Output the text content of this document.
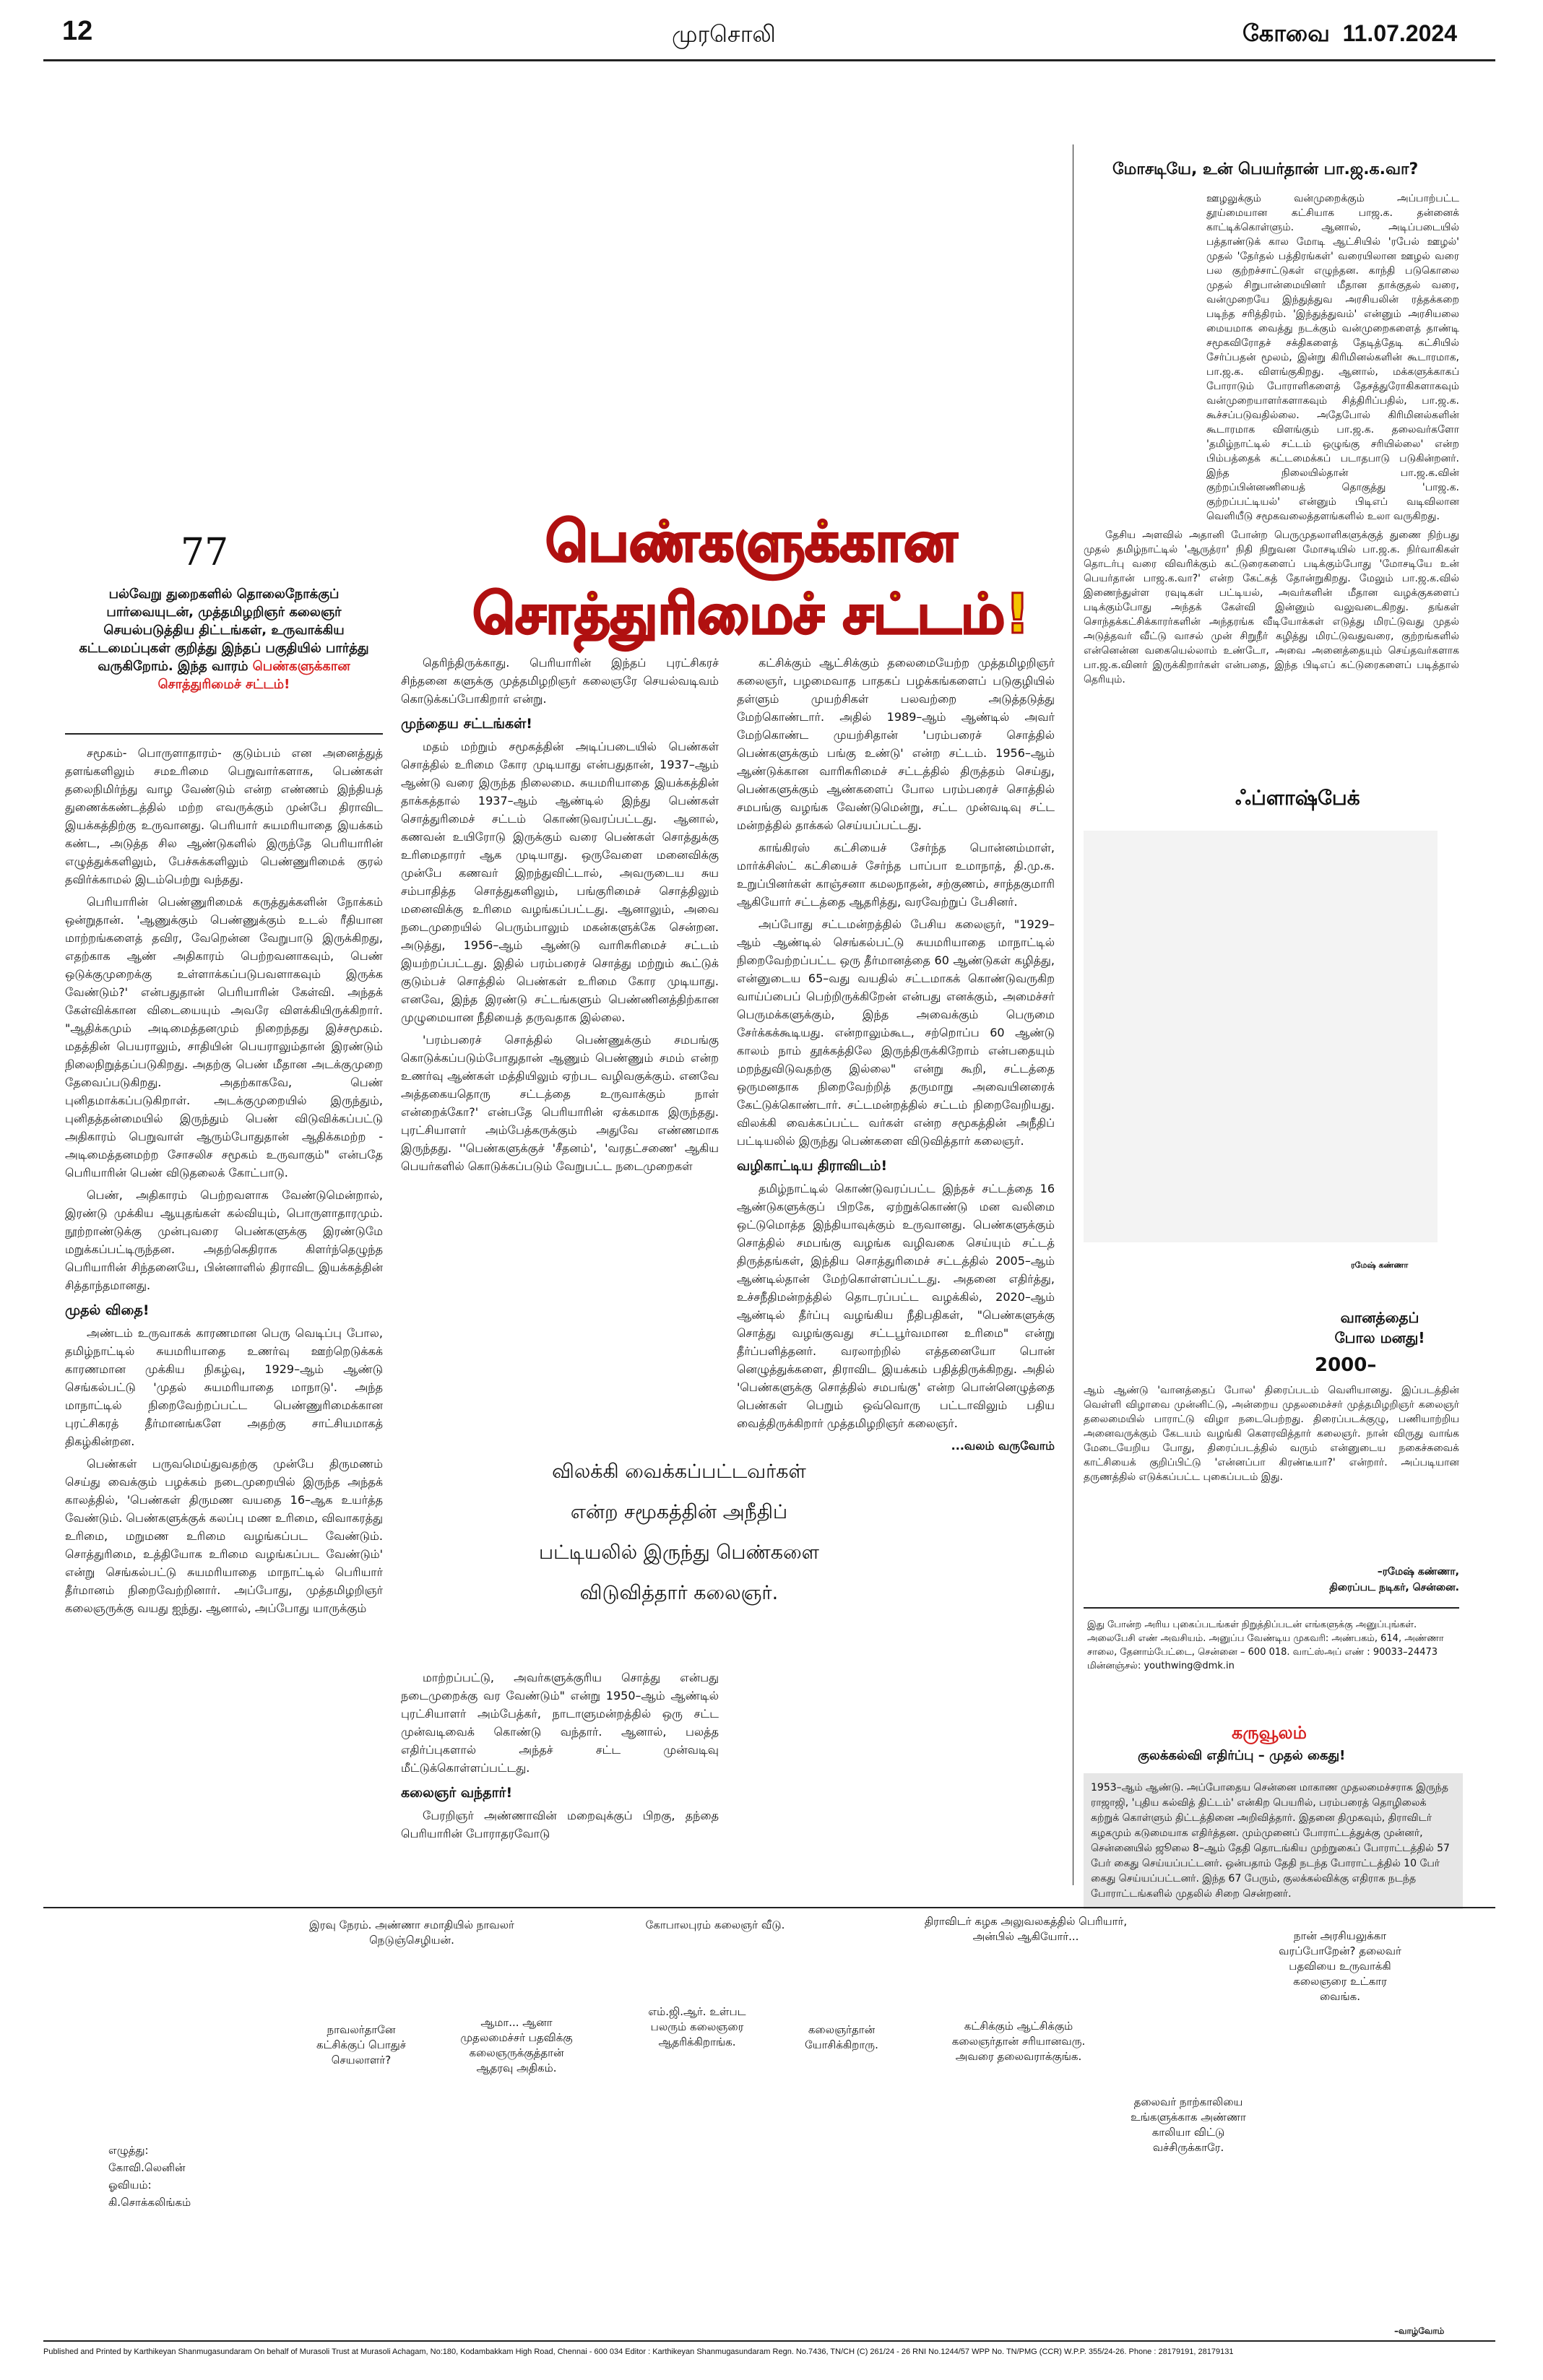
12	முரசொலி	கோவை  11.07.2024
பெண்களுக்கான
சொத்துரிமைச் சட்டம்!
77
பல்வேறு துறைகளில் தொலைநோக்குப் பார்வையுடன், முத்தமிழறிஞர் கலைஞர் செயல்படுத்திய திட்டங்கள், உருவாக்கிய கட்டமைப்புகள் குறித்து இந்தப் பகுதியில் பார்த்து வருகிறோம். இந்த வாரம் பெண்களுக்கான சொத்துரிமைச் சட்டம்!

சமூகம்- பொருளாதாரம்- குடும்பம் என அனைத்துத் தளங்களிலும் சமஉரிமை பெறுவார்களாக, பெண்கள் தலைநிமிர்ந்து வாழ வேண்டும் என்ற எண்ணம் இந்தியத் துணைக்கண்டத்தில் மற்ற எவருக்கும் முன்பே திராவிட இயக்கத்திற்கு உருவானது. பெரியார் சுயமரியாதை இயக்கம் கண்ட, அடுத்த சில ஆண்டுகளில் இருந்தே பெரியாரின் எழுத்துக்களிலும், பேச்சுக்களிலும் பெண்ணுரிமைக் குரல் தவிர்க்காமல் இடம்பெற்று வந்தது.

பெரியாரின் பெண்ணுரிமைக் கருத்துக்களின் நோக்கம் ஒன்றுதான். 'ஆணுக்கும் பெண்ணுக்கும் உடல் ரீதியான மாற்றங்களைத் தவிர, வேறென்ன வேறுபாடு இருக்கிறது, எதற்காக ஆண் அதிகாரம் பெற்றவனாகவும், பெண் ஒடுக்குமுறைக்கு உள்ளாக்கப்படுபவளாகவும் இருக்க வேண்டும்?' என்பதுதான் பெரியாரின் கேள்வி. அந்தக் கேள்விக்கான விடையையும் அவரே விளக்கியிருக்கிறார். "ஆதிக்கமும் அடிமைத்தனமும் நிறைந்தது இச்சமூகம். மதத்தின் பெயராலும், சாதியின் பெயராலும்தான் இரண்டும் நிலைநிறுத்தப்படுகிறது. அதற்கு பெண் மீதான அடக்குமுறை தேவைப்படுகிறது. அதற்காகவே, பெண் புனிதமாக்கப்படுகிறாள். அடக்குமுறையில் இருந்தும், புனிதத்தன்மையில் இருந்தும் பெண் விடுவிக்கப்பட்டு அதிகாரம் பெறுவாள் ஆரும்போதுதான் ஆதிக்கமற்ற - அடிமைத்தனமற்ற சோசலிச சமூகம் உருவாகும்" என்பதே பெரியாரின் பெண் விடுதலைக் கோட்பாடு.

பெண், அதிகாரம் பெற்றவளாக வேண்டுமென்றால், இரண்டு முக்கிய ஆயுதங்கள் கல்வியும், பொருளாதாரமும். நூற்றாண்டுக்கு முன்புவரை பெண்களுக்கு இரண்டுமே மறுக்கப்பட்டிருந்தன. அதற்கெதிராக கிளர்ந்தெழுந்த பெரியாரின் சிந்தனையே, பின்னாளில் திராவிட இயக்கத்தின் சித்தாந்தமானது.

முதல் விதை!

அண்டம் உருவாகக் காரணமான பெரு வெடிப்பு போல, தமிழ்நாட்டில் சுயமரியாதை உணர்வு ஊற்றெடுக்கக் காரணமான முக்கிய நிகழ்வு, 1929–ஆம் ஆண்டு செங்கல்பட்டு 'முதல் சுயமரியாதை மாநாடு'. அந்த மாநாட்டில் நிறைவேற்றப்பட்ட பெண்ணுரிமைக்கான புரட்சிகரத் தீர்மானங்களே அதற்கு சாட்சியமாகத் திகழ்கின்றன.

பெண்கள் பருவமெய்துவதற்கு முன்பே திருமணம் செய்து வைக்கும் பழக்கம் நடைமுறையில் இருந்த அந்தக் காலத்தில், 'பெண்கள் திருமண வயதை 16–ஆக உயர்த்த வேண்டும். பெண்களுக்குக் கலப்பு மண உரிமை, விவாகரத்து உரிமை, மறுமண உரிமை வழங்கப்பட வேண்டும். சொத்துரிமை, உத்தியோக உரிமை வழங்கப்பட வேண்டும்' என்று செங்கல்பட்டு சுயமரியாதை மாநாட்டில் பெரியார் தீர்மானம் நிறைவேற்றினார். அப்போது, முத்தமிழறிஞர் கலைஞருக்கு வயது ஐந்து. ஆனால், அப்போது யாருக்கும்

தெரிந்திருக்காது. பெரியாரின் இந்தப் புரட்சிகரச் சிந்தனை களுக்கு முத்தமிழறிஞர் கலைஞரே செயல்வடிவம் கொடுக்கப்போகிறார் என்று.

முந்தைய சட்டங்கள்!

மதம் மற்றும் சமூகத்தின் அடிப்படையில் பெண்கள் சொத்தில் உரிமை கோர முடியாது என்பதுதான், 1937–ஆம் ஆண்டு வரை இருந்த நிலைமை. சுயமரியாதை இயக்கத்தின் தாக்கத்தால் 1937–ஆம் ஆண்டில் இந்து பெண்கள் சொத்துரிமைச் சட்டம் கொண்டுவரப்பட்டது. ஆனால், கணவன் உயிரோடு இருக்கும் வரை பெண்கள் சொத்துக்கு உரிமைதாரர் ஆக முடியாது. ஒருவேளை மனைவிக்கு முன்பே கணவர் இறந்துவிட்டால், அவருடைய சுய சம்பாதித்த சொத்துகளிலும், பங்குரிமைச் சொத்திலும் மனைவிக்கு உரிமை வழங்கப்பட்டது. ஆனாலும், அவை நடைமுறையில் பெரும்பாலும் மகன்களுக்கே சென்றன. அடுத்து, 1956–ஆம் ஆண்டு வாரிசுரிமைச் சட்டம் இயற்றப்பட்டது. இதில் பரம்பரைச் சொத்து மற்றும் கூட்டுக் குடும்பச் சொத்தில் பெண்கள் உரிமை கோர முடியாது. எனவே, இந்த இரண்டு சட்டங்களும் பெண்ணினத்திற்கான முழுமையான நீதியைத் தருவதாக இல்லை.

'பரம்பரைச் சொத்தில் பெண்ணுக்கும் சமபங்கு கொடுக்கப்படும்போதுதான் ஆணும் பெண்ணும் சமம் என்ற உணர்வு ஆண்கள் மத்தியிலும் ஏற்பட வழிவகுக்கும். எனவே அத்தகையதொரு சட்டத்தை உருவாக்கும் நாள் என்றைக்கோ?' என்பதே பெரியாரின் ஏக்கமாக இருந்தது. புரட்சியாளர் அம்பேத்கருக்கும் அதுவே எண்ணமாக இருந்தது. ''பெண்களுக்குச் 'சீதனம்', 'வரதட்சணை' ஆகிய பெயர்களில் கொடுக்கப்படும் வேறுபட்ட நடைமுறைகள்

விலக்கி வைக்கப்பட்டவர்கள்
என்ற சமூகத்தின் அநீதிப்
பட்டியலில் இருந்து பெண்களை
விடுவித்தார் கலைஞர்.

மாற்றப்பட்டு, அவர்களுக்குரிய சொத்து என்பது நடைமுறைக்கு வர வேண்டும்" என்று 1950–ஆம் ஆண்டில் புரட்சியாளர் அம்பேத்கர், நாடாளுமன்றத்தில் ஒரு சட்ட முன்வடிவைக் கொண்டு வந்தார். ஆனால், பலத்த எதிர்ப்புகளால் அந்தச் சட்ட முன்வடிவு மீட்டுக்கொள்ளப்பட்டது.

கலைஞர் வந்தார்!

பேரறிஞர் அண்ணாவின் மறைவுக்குப் பிறகு, தந்தை பெரியாரின் போராதரவோடு

கட்சிக்கும் ஆட்சிக்கும் தலைமையேற்ற முத்தமிழறிஞர் கலைஞர், பழமைவாத பாதகப் பழக்கங்களைப் படுகுழியில் தள்ளும் முயற்சிகள் பலவற்றை அடுத்தடுத்து மேற்கொண்டார். அதில் 1989–ஆம் ஆண்டில் அவர் மேற்கொண்ட முயற்சிதான் 'பரம்பரைச் சொத்தில் பெண்களுக்கும் பங்கு உண்டு' என்ற சட்டம். 1956–ஆம் ஆண்டுக்கான வாரிசுரிமைச் சட்டத்தில் திருத்தம் செய்து, பெண்களுக்கும் ஆண்களைப் போல பரம்பரைச் சொத்தில் சமபங்கு வழங்க வேண்டுமென்று, சட்ட முன்வடிவு சட்ட மன்றத்தில் தாக்கல் செய்யப்பட்டது.

காங்கிரஸ் கட்சியைச் சேர்ந்த பொன்னம்மாள், மார்க்சிஸ்ட் கட்சியைச் சேர்ந்த பாப்பா உமாநாத், தி.மு.க. உறுப்பினர்கள் காஞ்சனா கமலநாதன், சற்குணம், சாந்தகுமாரி ஆகியோர் சட்டத்தை ஆதரித்து, வரவேற்றுப் பேசினர்.

அப்போது சட்டமன்றத்தில் பேசிய கலைஞர், "1929–ஆம் ஆண்டில் செங்கல்பட்டு சுயமரியாதை மாநாட்டில் நிறைவேற்றப்பட்ட ஒரு தீர்மானத்தை 60 ஆண்டுகள் கழித்து, என்னுடைய 65–வது வயதில் சட்டமாகக் கொண்டுவருகிற வாய்ப்பைப் பெற்றிருக்கிறேன் என்பது எனக்கும், அமைச்சர் பெருமக்களுக்கும், இந்த அவைக்கும் பெருமை சேர்க்கக்கூடியது. என்றாலும்கூட, சற்றொப்ப 60 ஆண்டு காலம் நாம் தூக்கத்திலே இருந்திருக்கிறோம் என்பதையும் மறந்துவிடுவதற்கு இல்லை" என்று கூறி, சட்டத்தை ஒருமனதாக நிறைவேற்றித் தருமாறு அவையினரைக் கேட்டுக்கொண்டார். சட்டமன்றத்தில் சட்டம் நிறைவேறியது. விலக்கி வைக்கப்பட்ட வர்கள் என்ற சமூகத்தின் அநீதிப் பட்டியலில் இருந்து பெண்களை விடுவித்தார் கலைஞர்.

வழிகாட்டிய திராவிடம்!

தமிழ்நாட்டில் கொண்டுவரப்பட்ட இந்தச் சட்டத்தை 16 ஆண்டுகளுக்குப் பிறகே, ஏற்றுக்கொண்டு மன வலிமை ஒட்டுமொத்த இந்தியாவுக்கும் உருவானது. பெண்களுக்கும் சொத்தில் சமபங்கு வழங்க வழிவகை செய்யும் சட்டத் திருத்தங்கள், இந்திய சொத்துரிமைச் சட்டத்தில் 2005–ஆம் ஆண்டில்தான் மேற்கொள்ளப்பட்டது. அதனை எதிர்த்து, உச்சநீதிமன்றத்தில் தொடரப்பட்ட வழக்கில், 2020–ஆம் ஆண்டில் தீர்ப்பு வழங்கிய நீதிபதிகள், "பெண்களுக்கு சொத்து வழங்குவது சட்டபூர்வமான உரிமை" என்று தீர்ப்பளித்தனர். வரலாற்றில் எத்தனையோ பொன் னெழுத்துக்களை, திராவிட இயக்கம் பதித்திருக்கிறது. அதில் 'பெண்களுக்கு சொத்தில் சமபங்கு' என்ற பொன்னெழுத்தை பெண்கள் பெறும் ஒவ்வொரு பட்டாவிலும் பதிய வைத்திருக்கிறார் முத்தமிழறிஞர் கலைஞர்.

...வலம் வருவோம்
மோசடியே, உன் பெயர்தான் பா.ஜ.க.வா?

ஊழலுக்கும் வன்முறைக்கும் அப்பாற்பட்ட தூய்மையான கட்சியாக பாஜ.க. தன்னைக் காட்டிக்கொள்ளும். ஆனால், அடிப்படையில் பத்தாண்டுக் கால மோடி ஆட்சியில் 'ரபேல் ஊழல்' முதல் 'தேர்தல் பத்திரங்கள்' வரையிலான ஊழல் வரை பல குற்றச்சாட்டுகள் எழுந்தன. காந்தி படுகொலை முதல் சிறுபான்மையினர் மீதான தாக்குதல் வரை, வன்முறையே இந்துத்துவ அரசியலின் ரத்தக்கறை படிந்த சரித்திரம். 'இந்துத்துவம்' என்னும் அரசியலை மையமாக வைத்து நடக்கும் வன்முறைகளைத் தாண்டி சமூகவிரோதச் சக்திகளைத் தேடித்தேடி கட்சியில் சேர்ப்பதன் மூலம், இன்று கிரிமினல்களின் கூடாரமாக, பா.ஜ.க. விளங்குகிறது. ஆனால், மக்களுக்காகப் போராடும் போராளிகளைத் தேசத்துரோகிகளாகவும் வன்முறையாளர்களாகவும் சித்திரிப்பதில், பா.ஜ.க. கூச்சப்படுவதில்லை. அதேபோல் கிரிமினல்களின் கூடாரமாக விளங்கும் பா.ஜ.க. தலைவர்களோ 'தமிழ்நாட்டில் சட்டம் ஒழுங்கு சரியில்லை' என்ற பிம்பத்தைக் கட்டமைக்கப் படாதபாடு படுகின்றனர். இந்த நிலையில்தான் பா.ஜ.க.வின் குற்றப்பின்னணியைத் தொகுத்து 'பாஜ.க. குற்றப்பட்டியல்' என்னும் பிடிஎப் வடிவிலான வெளியீடு சமூகவலைத்தளங்களில் உலா வருகிறது.

தேசிய அளவில் அதானி போன்ற பெருமுதலாளிகளுக்குத் துணை நிற்பது முதல் தமிழ்நாட்டில் 'ஆருத்ரா' நிதி நிறுவன மோசடியில் பா.ஜ.க. நிர்வாகிகள் தொடர்பு வரை விவரிக்கும் கட்டுரைகளைப் படிக்கும்போது 'மோசடியே உன் பெயர்தான் பாஜ.க.வா?' என்ற கேட்கத் தோன்றுகிறது. மேலும் பா.ஜ.க.வில் இணைந்துள்ள ரவுடிகள் பட்டியல், அவர்களின் மீதான வழக்குகளைப் படிக்கும்போது அந்தக் கேள்வி இன்னும் வலுவடைகிறது. தங்கள் சொந்தக்கட்சிக்காரர்களின் அந்தரங்க வீடியோக்கள் எடுத்து மிரட்டுவது முதல் அடுத்தவர் வீட்டு வாசல் முன் சிறுநீர் கழித்து மிரட்டுவதுவரை, குற்றங்களில் என்னென்ன வகையெல்லாம் உண்டோ, அவை அனைத்தையும் செய்தவர்களாக பா.ஜ.க.வினர் இருக்கிறார்கள் என்பதை, இந்த பிடிஎப் கட்டுரைகளைப் படித்தால் தெரியும்.

ஃப்ளாஷ்பேக்
ரமேஷ் கண்ணா
வானத்தைப்
போல மனது!
2000–
ஆம் ஆண்டு 'வானத்தைப் போல' திரைப்படம் வெளியானது. இப்படத்தின் வெள்ளி விழாவை முன்னிட்டு, அன்றைய முதலமைச்சர் முத்தமிழறிஞர் கலைஞர் தலைமையில் பாராட்டு விழா நடைபெற்றது. திரைப்படக்குழு, பணியாற்றிய அனைவருக்கும் கேடயம் வழங்கி கௌரவித்தார் கலைஞர். நான் விருது வாங்க மேடையேறிய போது, திரைப்படத்தில் வரும் என்னுடைய நகைச்சுவைக் காட்சியைக் குறிப்பிட்டு 'என்னப்பா கிரண்டீயா?' என்றார். அப்படியான தருணத்தில் எடுக்கப்பட்ட புகைப்படம் இது.
–ரமேஷ் கண்ணா,
திரைப்பட நடிகர், சென்னை.
இது போன்ற அரிய புகைப்படங்கள் நிறுத்திப்படன் எங்களுக்கு அனுப்புங்கள். அலைபேசி எண் அவசியம். அனுப்ப வேண்டிய முகவரி: அண்பகம், 614, அண்ணா சாலை, தேனாம்பேட்டை, சென்னை – 600 018. வாட்ஸ்அப் எண் : 90033–24473 மின்னஞ்சல்: youthwing@dmk.in
கருவூலம்
குலக்கல்வி எதிர்ப்பு – முதல் கைது!
1953–ஆம் ஆண்டு. அப்போதைய சென்னை மாகாண முதலமைச்சராக இருந்த ராஜாஜி, 'புதிய கல்வித் திட்டம்' என்கிற பெயரில், பரம்பரைத் தொழிலைக் கற்றுக் கொள்ளும் திட்டத்தினை அறிவித்தார். இதனை திமுகவும், திராவிடர் கழகமும் கடுமையாக எதிர்த்தன. மும்முனைப் போராட்டத்துக்கு முன்னர், சென்னையில் ஜூலை 8–ஆம் தேதி தொடங்கிய முற்றுகைப் போராட்டத்தில் 57 பேர் கைது செய்யப்பட்டனர். ஒன்பதாம் தேதி நடந்த போராட்டத்தில் 10 பேர் கைது செய்யப்பட்டனர். இந்த 67 பேரும், குலக்கல்விக்கு எதிராக நடந்த போராட்டங்களில் முதலில் சிறை சென்றனர்.
இரவு நேரம். அண்ணா சமாதியில் நாவலர் நெடுஞ்செழியன்.
கோபாலபுரம் கலைஞர் வீடு.	திராவிடர் கழக அலுவலகத்தில் பெரியார், அன்பில் ஆகியோர்...	நான் அரசியலுக்கா வரப்போறேன்? தலைவர் பதவியை உருவாக்கி கலைஞரை உட்கார வைங்க.
நாவலர்தானே கட்சிக்குப் பொதுச் செயலாளர்?
ஆமா... ஆனா முதலமைச்சர் பதவிக்கு கலைஞருக்குத்தான் ஆதரவு அதிகம்.
எம்.ஜி.ஆர். உள்பட பலரும் கலைஞரை ஆதரிக்கிறாங்க.
கலைஞர்தான் யோசிக்கிறாரு.
கட்சிக்கும் ஆட்சிக்கும் கலைஞர்தான் சரியானவரு. அவரை தலைவராக்குங்க.
தலைவர் நாற்காலியை உங்களுக்காக அண்ணா காலியா விட்டு வச்சிருக்காரே.
எழுத்து:
கோவி.லெனின்
ஓவியம்:
கி.சொக்கலிங்கம்
–வாழ்வோம்
Published and Printed by Karthikeyan Shanmugasundaram On behalf of Murasoli Trust at Murasoli Achagam, No:180, Kodambakkam High Road, Chennai - 600 034 Editor : Karthikeyan Shanmugasundaram Regn. No.7436, TN/CH (C) 261/24 - 26 RNI No.1244/57 WPP No. TN/PMG (CCR) W.P.P. 355/24-26. Phone : 28179191, 28179131
